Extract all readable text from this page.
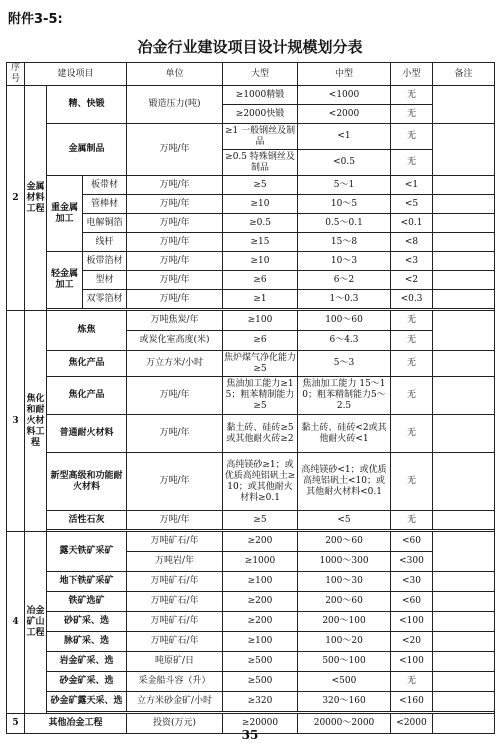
附件3-5:
冶金行业建设项目设计规模划分表
序号	建设项目			单位	大型	中型	小型	备注
2	金属材料工程	精、快锻		锻造压力(吨)	≥1000精锻	<1000	无	
					≥2000快锻	<2000	无	
		金属制品		万吨/年	≥1 一般钢丝及制品	<1	无	
					≥0.5 特殊钢丝及制品	<0.5	无	
		重金属加工	板带材	万吨/年	≥5	5～1	<1	
			管棒材	万吨/年	≥10	10～5	<5	
			电解铜箔	万吨/年	≥0.5	0.5～0.1	<0.1	
			线杆	万吨/年	≥15	15～8	<8	
		轻金属加工	板带箔材	万吨/年	≥10	10～3	<3	
			型材	万吨/年	≥6	6～2	<2	
			双零箔材	万吨/年	≥1	1～0.3	<0.3	

3	焦化和耐火材料工程	炼焦		万吨焦炭/年	≥100	100～60	无	
				或炭化室高度(米)	≥6	6～4.3	无	
		焦化产品		万立方米/小时	焦炉煤气净化能力≥5	5～3	无	
		焦化产品		万吨/年	焦油加工能力≥15；粗苯精制能力≥5	焦油加工能力 15～10；粗苯精制能力5～2.5	无	
		普通耐火材料		万吨/年	黏土砖、硅砖≥5或其他耐火砖≥2	黏土砖、硅砖<2或其他耐火砖<1	无	
		新型高级和功能耐火材料		万吨/年	高纯镁砂≥1；或优质高纯铝矾土≥10；或其他耐火材料≥0.1	高纯镁砂<1；或优质高纯铝矾土<10；或其他耐火材料<0.1	无	
		活性石灰		万吨/年	≥5	<5	无	

4	冶金矿山工程	露天铁矿采矿		万吨矿石/年	≥200	200～60	<60	
				万吨岩/年	≥1000	1000～300	<300	
		地下铁矿采矿		万吨矿石/年	≥100	100～30	<30	
		铁矿选矿		万吨矿石/年	≥200	200～60	<60	
		砂矿采、选		万吨矿石/年	≥200	200～100	<100	
		脉矿采、选		万吨矿石/年	≥100	100～20	<20	
		岩金矿采、选		吨原矿/日	≥500	500～100	<100	
		砂金矿采、选		采金船斗容（升）	≥500	<500	无	
		砂金矿露天采、选		立方米砂金矿/小时	≥320	320～160	<160	

5	其他冶金工程			投资(万元)	≥20000	20000～2000	<2000	
35
